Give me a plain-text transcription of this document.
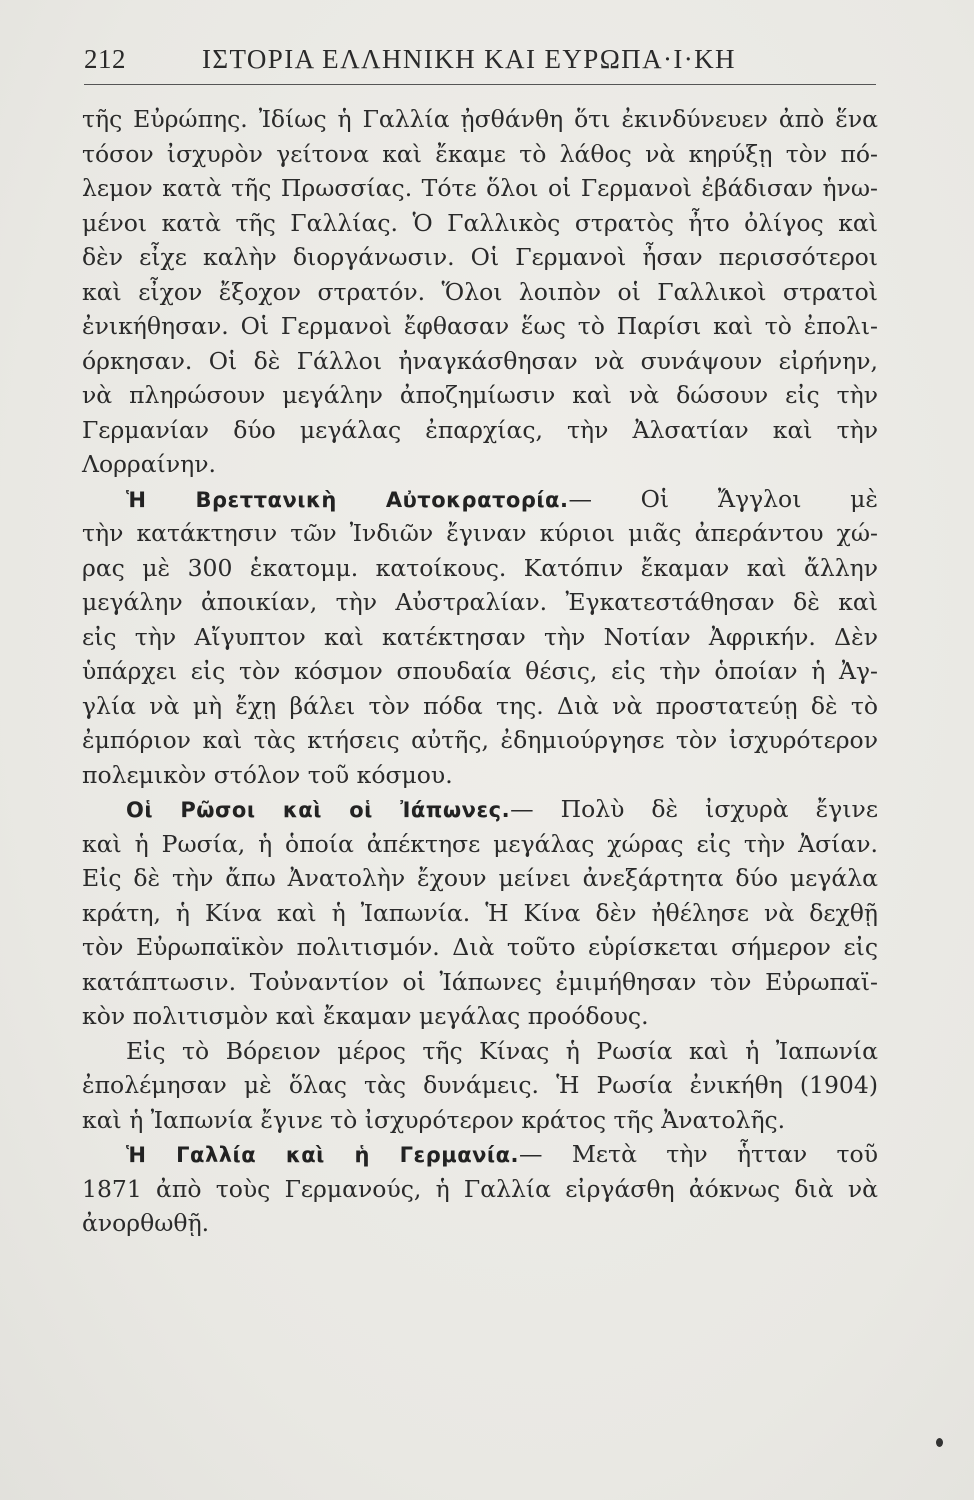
212	ΙΣΤΟΡΙΑ ΕΛΛΗΝΙΚΗ ΚΑΙ ΕΥΡΩΠΑ·Ι·ΚΗ
τῆς Εὐρώπης. Ἰδίως ἡ Γαλλία ᾐσθάνθη ὅτι ἐκινδύνευεν ἀπὸ ἕνα
τόσον ἰσχυρὸν γείτονα καὶ ἔκαμε τὸ λάθος νὰ κηρύξῃ τὸν πό-
λεμον κατὰ τῆς Πρωσσίας. Τότε ὅλοι οἱ Γερμανοὶ ἐβάδισαν ἡνω-
μένοι κατὰ τῆς Γαλλίας. Ὁ Γαλλικὸς στρατὸς ἦτο ὀλίγος καὶ
δὲν εἶχε καλὴν διοργάνωσιν. Οἱ Γερμανοὶ ἦσαν περισσότεροι
καὶ εἶχον ἔξοχον στρατόν. Ὅλοι λοιπὸν οἱ Γαλλικοὶ στρατοὶ
ἐνικήθησαν. Οἱ Γερμανοὶ ἔφθασαν ἕως τὸ Παρίσι καὶ τὸ ἐπολι-
όρκησαν. Οἱ δὲ Γάλλοι ἠναγκάσθησαν νὰ συνάψουν εἰρήνην,
νὰ πληρώσουν μεγάλην ἀποζημίωσιν καὶ νὰ δώσουν εἰς τὴν
Γερμανίαν δύο μεγάλας ἐπαρχίας, τὴν Ἀλσατίαν καὶ τὴν
Λορραίνην.
Ἡ Βρεττανικὴ Αὐτοκρατορία.— Οἱ Ἄγγλοι μὲ
τὴν κατάκτησιν τῶν Ἰνδιῶν ἔγιναν κύριοι μιᾶς ἀπεράντου χώ-
ρας μὲ 300 ἑκατομμ. κατοίκους. Κατόπιν ἔκαμαν καὶ ἄλλην
μεγάλην ἀποικίαν, τὴν Αὐστραλίαν. Ἐγκατεστάθησαν δὲ καὶ
εἰς τὴν Αἴγυπτον καὶ κατέκτησαν τὴν Νοτίαν Ἀφρικήν. Δὲν
ὑπάρχει εἰς τὸν κόσμον σπουδαία θέσις, εἰς τὴν ὁποίαν ἡ Ἀγ-
γλία νὰ μὴ ἔχῃ βάλει τὸν πόδα της. Διὰ νὰ προστατεύῃ δὲ τὸ
ἐμπόριον καὶ τὰς κτήσεις αὐτῆς, ἐδημιούργησε τὸν ἰσχυρότερον
πολεμικὸν στόλον τοῦ κόσμου.
Οἱ Ρῶσοι καὶ οἱ Ἰάπωνες.— Πολὺ δὲ ἰσχυρὰ ἔγινε
καὶ ἡ Ρωσία, ἡ ὁποία ἀπέκτησε μεγάλας χώρας εἰς τὴν Ἀσίαν.
Εἰς δὲ τὴν ἄπω Ἀνατολὴν ἔχουν μείνει ἀνεξάρτητα δύο μεγάλα
κράτη, ἡ Κίνα καὶ ἡ Ἰαπωνία. Ἡ Κίνα δὲν ἠθέλησε νὰ δεχθῇ
τὸν Εὐρωπαϊκὸν πολιτισμόν. Διὰ τοῦτο εὑρίσκεται σήμερον εἰς
κατάπτωσιν. Τοὐναντίον οἱ Ἰάπωνες ἐμιμήθησαν τὸν Εὐρωπαϊ-
κὸν πολιτισμὸν καὶ ἔκαμαν μεγάλας προόδους.
Εἰς τὸ Βόρειον μέρος τῆς Κίνας ἡ Ρωσία καὶ ἡ Ἰαπωνία
ἐπολέμησαν μὲ ὅλας τὰς δυνάμεις. Ἡ Ρωσία ἐνικήθη (1904)
καὶ ἡ Ἰαπωνία ἔγινε τὸ ἰσχυρότερον κράτος τῆς Ἀνατολῆς.
Ἡ Γαλλία καὶ ἡ Γερμανία.— Μετὰ τὴν ἧτταν τοῦ
1871 ἀπὸ τοὺς Γερμανούς, ἡ Γαλλία εἰργάσθη ἀόκνως διὰ νὰ
ἀνορθωθῇ.
